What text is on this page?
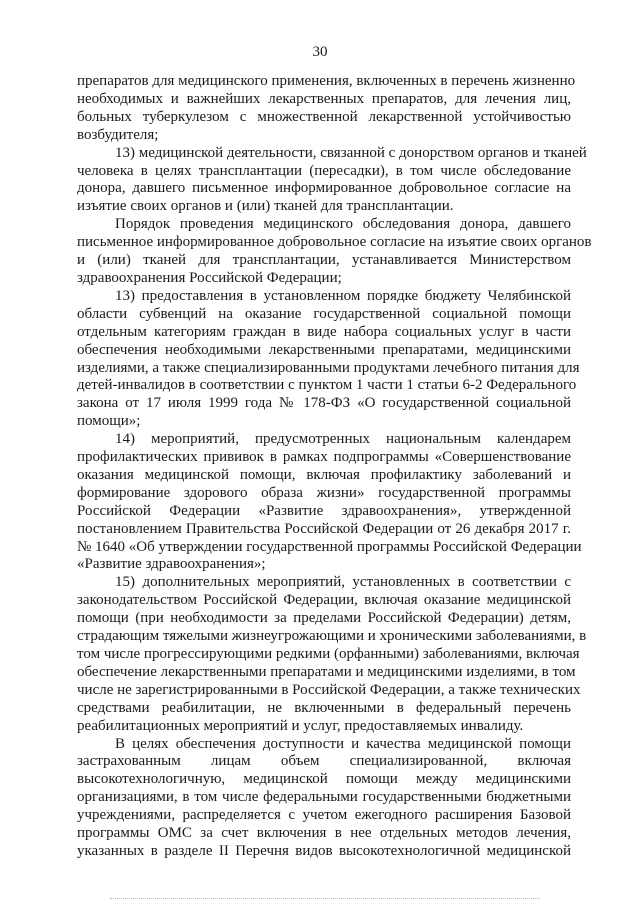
30
препаратов для медицинского применения, включенных в перечень жизненно
необходимых и важнейших лекарственных препаратов, для лечения лиц,
больных туберкулезом с множественной лекарственной устойчивостью
возбудителя;
13) медицинской деятельности, связанной с донорством органов и тканей
человека в целях трансплантации (пересадки), в том числе обследование
донора, давшего письменное информированное добровольное согласие на
изъятие своих органов и (или) тканей для трансплантации.
Порядок проведения медицинского обследования донора, давшего
письменное информированное добровольное согласие на изъятие своих органов
и (или) тканей для трансплантации, устанавливается Министерством
здравоохранения Российской Федерации;
13) предоставления в установленном порядке бюджету Челябинской
области субвенций на оказание государственной социальной помощи
отдельным категориям граждан в виде набора социальных услуг в части
обеспечения необходимыми лекарственными препаратами, медицинскими
изделиями, а также специализированными продуктами лечебного питания для
детей-инвалидов в соответствии с пунктом 1 части 1 статьи 6-2 Федерального
закона от 17 июля 1999 года № 178-ФЗ «О государственной социальной
помощи»;
14) мероприятий, предусмотренных национальным календарем
профилактических прививок в рамках подпрограммы «Совершенствование
оказания медицинской помощи, включая профилактику заболеваний и
формирование здорового образа жизни» государственной программы
Российской Федерации «Развитие здравоохранения», утвержденной
постановлением Правительства Российской Федерации от 26 декабря 2017 г.
№ 1640 «Об утверждении государственной программы Российской Федерации
«Развитие здравоохранения»;
15) дополнительных мероприятий, установленных в соответствии с
законодательством Российской Федерации, включая оказание медицинской
помощи (при необходимости за пределами Российской Федерации) детям,
страдающим тяжелыми жизнеугрожающими и хроническими заболеваниями, в
том числе прогрессирующими редкими (орфанными) заболеваниями, включая
обеспечение лекарственными препаратами и медицинскими изделиями, в том
числе не зарегистрированными в Российской Федерации, а также технических
средствами реабилитации, не включенными в федеральный перечень
реабилитационных мероприятий и услуг, предоставляемых инвалиду.
В целях обеспечения доступности и качества медицинской помощи
застрахованным лицам объем специализированной, включая
высокотехнологичную, медицинской помощи между медицинскими
организациями, в том числе федеральными государственными бюджетными
учреждениями, распределяется с учетом ежегодного расширения Базовой
программы ОМС за счет включения в нее отдельных методов лечения,
указанных в разделе II Перечня видов высокотехнологичной медицинской
